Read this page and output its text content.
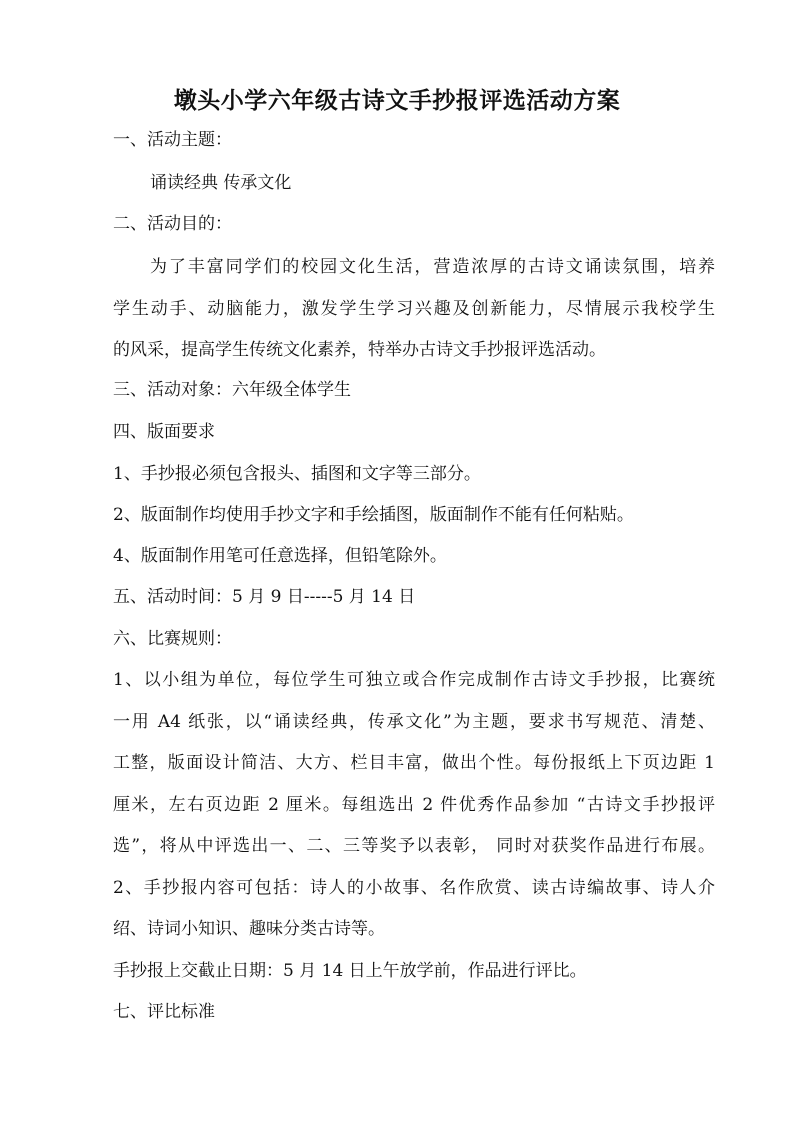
墩头小学六年级古诗文手抄报评选活动方案
一、活动主题：
诵读经典 传承文化
二、活动目的：
为了丰富同学们的校园文化生活，营造浓厚的古诗文诵读氛围，培养
学生动手、动脑能力，激发学生学习兴趣及创新能力，尽情展示我校学生
的风采，提高学生传统文化素养，特举办古诗文手抄报评选活动。
三、活动对象：六年级全体学生
四、版面要求
1、手抄报必须包含报头、插图和文字等三部分。
2、版面制作均使用手抄文字和手绘插图，版面制作不能有任何粘贴。
4、版面制作用笔可任意选择，但铅笔除外。
五、活动时间：5 月 9 日-----5 月 14 日
六、比赛规则：
1、以小组为单位，每位学生可独立或合作完成制作古诗文手抄报，比赛统
一用 A4 纸张，以“诵读经典，传承文化”为主题，要求书写规范、清楚、
工整，版面设计简洁、大方、栏目丰富，做出个性。每份报纸上下页边距 1
厘米，左右页边距 2 厘米。每组选出 2 件优秀作品参加 “古诗文手抄报评
选”，将从中评选出一、二、三等奖予以表彰， 同时对获奖作品进行布展。
2、手抄报内容可包括：诗人的小故事、名作欣赏、读古诗编故事、诗人介
绍、诗词小知识、趣味分类古诗等。
手抄报上交截止日期：5 月 14 日上午放学前，作品进行评比。
七、评比标准
